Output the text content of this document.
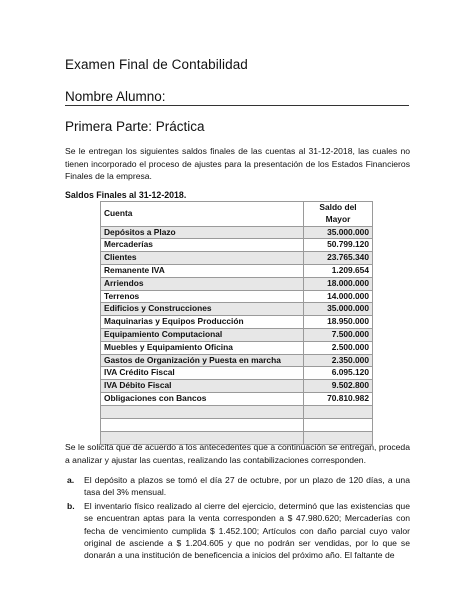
Examen Final de Contabilidad
Nombre Alumno:
Primera Parte: Práctica

Se le entregan los siguientes saldos finales de las cuentas al 31-12-2018, las cuales no tienen incorporado el proceso de ajustes para la presentación de los Estados Financieros Finales de la empresa.

Saldos Finales al 31-12-2018.
Cuenta	Saldo del Mayor
Depósitos a Plazo	35.000.000
Mercaderías	50.799.120
Clientes	23.765.340
Remanente IVA	1.209.654
Arriendos	18.000.000
Terrenos	14.000.000
Edificios y Construcciones	35.000.000
Maquinarias y Equipos Producción	18.950.000
Equipamiento Computacional	7.500.000
Muebles y Equipamiento Oficina	2.500.000
Gastos de Organización y Puesta en marcha	2.350.000
IVA Crédito Fiscal	6.095.120
IVA Débito Fiscal	9.502.800
Obligaciones con Bancos	70.810.982

Se le solicita que de acuerdo a los antecedentes que a continuación se entregan, proceda a analizar y ajustar las cuentas, realizando las contabilizaciones corresponden.

a.	El depósito a plazos se tomó el día 27 de octubre, por un plazo de 120 días, a una tasa del 3% mensual.
b.	El inventario físico realizado al cierre del ejercicio, determinó que las existencias que se encuentran aptas para la venta corresponden a $ 47.980.620; Mercaderías con fecha de vencimiento cumplida $ 1.452.100; Artículos con daño parcial cuyo valor original de asciende a $ 1.204.605 y que no podrán ser vendidas, por lo que se donarán a una institución de beneficencia a inicios del próximo año. El faltante de
